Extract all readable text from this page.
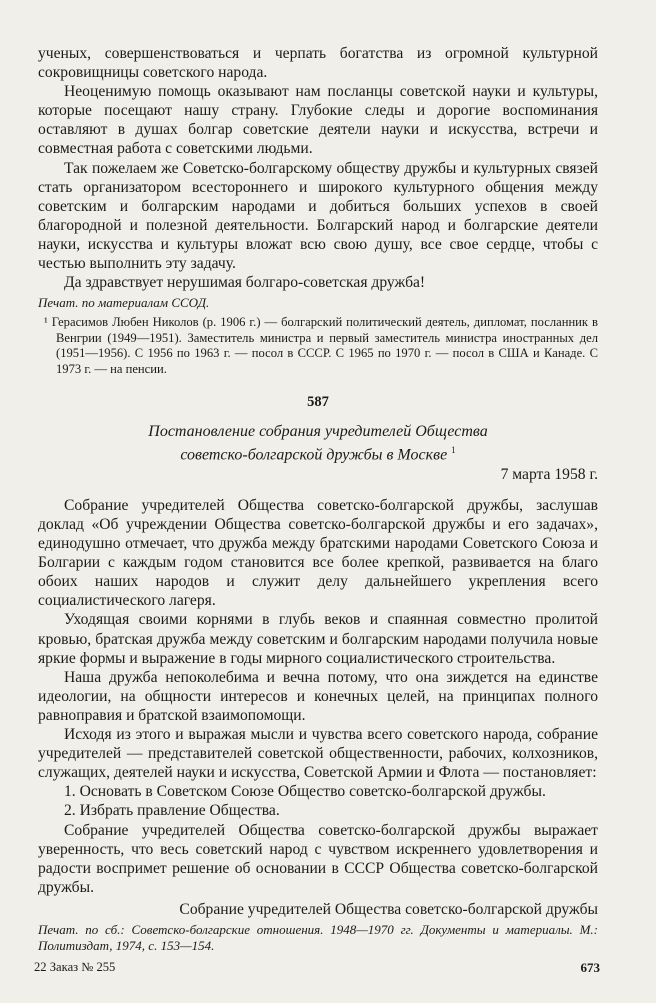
ученых, совершенствоваться и черпать богатства из огромной культурной сокровищницы советского народа.

Неоценимую помощь оказывают нам посланцы советской науки и культуры, которые посещают нашу страну. Глубокие следы и дорогие воспоминания оставляют в душах болгар советские деятели науки и искусства, встречи и совместная работа с советскими людьми.

Так пожелаем же Советско-болгарскому обществу дружбы и культурных связей стать организатором всестороннего и широкого культурного общения между советским и болгарским народами и добиться больших успехов в своей благородной и полезной деятельности. Болгарский народ и болгарские деятели науки, искусства и культуры вложат всю свою душу, все свое сердце, чтобы с честью выполнить эту задачу.

Да здравствует нерушимая болгаро-советская дружба!

Печат. по материалам ССОД.

¹ Герасимов Любен Николов (р. 1906 г.) — болгарский политический деятель, дипломат, посланник в Венгрии (1949—1951). Заместитель министра и первый заместитель министра иностранных дел (1951—1956). С 1956 по 1963 г. — посол в СССР. С 1965 по 1970 г. — посол в США и Канаде. С 1973 г. — на пенсии.

587
Постановление собрания учредителей Общества
советско-болгарской дружбы в Москве $^1$
7 марта 1958 г.

Собрание учредителей Общества советско-болгарской дружбы, заслушав доклад «Об учреждении Общества советско-болгарской дружбы и его задачах», единодушно отмечает, что дружба между братскими народами Советского Союза и Болгарии с каждым годом становится все более крепкой, развивается на благо обоих наших народов и служит делу дальнейшего укрепления всего социалистического лагеря.

Уходящая своими корнями в глубь веков и спаянная совместно пролитой кровью, братская дружба между советским и болгарским народами получила новые яркие формы и выражение в годы мирного социалистического строительства.

Наша дружба непоколебима и вечна потому, что она зиждется на единстве идеологии, на общности интересов и конечных целей, на принципах полного равноправия и братской взаимопомощи.

Исходя из этого и выражая мысли и чувства всего советского народа, собрание учредителей — представителей советской общественности, рабочих, колхозников, служащих, деятелей науки и искусства, Советской Армии и Флота — постановляет:

1. Основать в Советском Союзе Общество советско-болгарской дружбы.

2. Избрать правление Общества.

Собрание учредителей Общества советско-болгарской дружбы выражает уверенность, что весь советский народ с чувством искреннего удовлетворения и радости воспримет решение об основании в СССР Общества советско-болгарской дружбы.

Собрание учредителей Общества советско-болгарской дружбы

Печат. по сб.: Советско-болгарские отношения. 1948—1970 гг. Документы и материалы. М.: Политиздат, 1974, с. 153—154.

22 Заказ № 255	673
